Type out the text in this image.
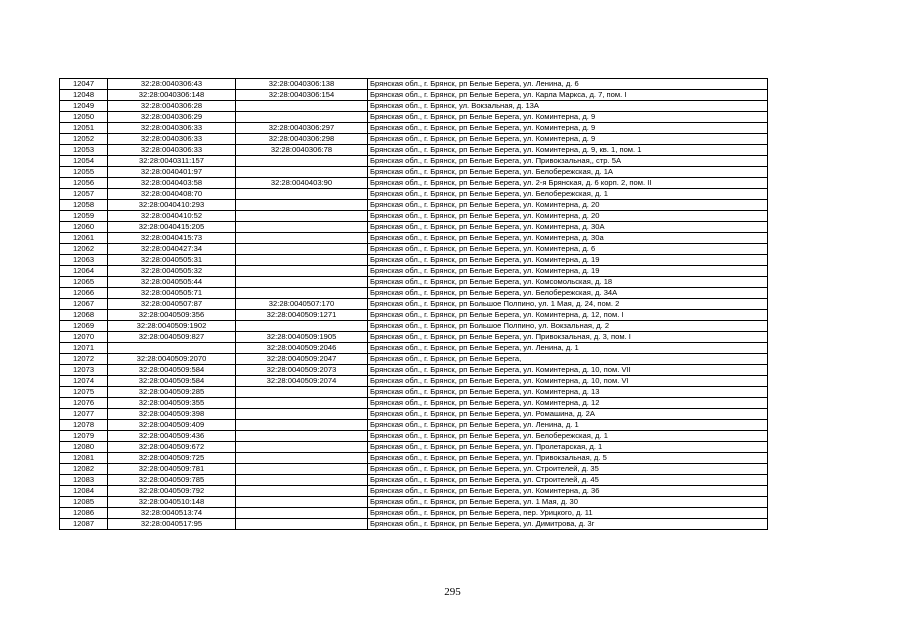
12047	32:28:0040306:43	32:28:0040306:138	Брянская обл., г. Брянск, рп Белые Берега, ул. Ленина, д. 6
12048	32:28:0040306:148	32:28:0040306:154	Брянская обл., г. Брянск, рп Белые Берега, ул. Карла Маркса, д. 7, пом. I
12049	32:28:0040306:28		Брянская обл., г. Брянск, ул. Вокзальная, д. 13А
12050	32:28:0040306:29		Брянская обл., г. Брянск, рп Белые Берега, ул. Коминтерна, д. 9
12051	32:28:0040306:33	32:28:0040306:297	Брянская обл., г. Брянск, рп Белые Берега, ул. Коминтерна, д. 9
12052	32:28:0040306:33	32:28:0040306:298	Брянская обл., г. Брянск, рп Белые Берега, ул. Коминтерна, д. 9
12053	32:28:0040306:33	32:28:0040306:78	Брянская обл., г. Брянск, рп Белые Берега, ул. Коминтерна, д. 9, кв. 1, пом. 1
12054	32:28:0040311:157		Брянская обл., г. Брянск, рп Белые Берега, ул. Привокзальная,, стр. 5А
12055	32:28:0040401:97		Брянская обл., г. Брянск, рп Белые Берега, ул. Белобережская, д. 1А
12056	32:28:0040403:58	32:28:0040403:90	Брянская обл., г. Брянск, рп Белые Берега, ул. 2-я Брянская, д. 6 корп. 2, пом. II
12057	32:28:0040408:70		Брянская обл., г. Брянск, рп Белые Берега, ул. Белобережская, д. 1
12058	32:28:0040410:293		Брянская обл., г. Брянск, рп Белые Берега, ул. Коминтерна, д. 20
12059	32:28:0040410:52		Брянская обл., г. Брянск, рп Белые Берега, ул. Коминтерна, д. 20
12060	32:28:0040415:205		Брянская обл., г. Брянск, рп Белые Берега, ул. Коминтерна, д. 30А
12061	32:28:0040415:73		Брянская обл., г. Брянск, рп Белые Берега, ул. Коминтерна, д. 30а
12062	32:28:0040427:34		Брянская обл., г. Брянск, рп Белые Берега, ул. Коминтерна, д. 6
12063	32:28:0040505:31		Брянская обл., г. Брянск, рп Белые Берега, ул. Коминтерна, д. 19
12064	32:28:0040505:32		Брянская обл., г. Брянск, рп Белые Берега, ул. Коминтерна, д. 19
12065	32:28:0040505:44		Брянская обл., г. Брянск, рп Белые Берега, ул. Комсомольская, д. 18
12066	32:28:0040505:71		Брянская обл., г. Брянск, рп Белые Берега, ул. Белобережская, д. 34А
12067	32:28:0040507:87	32:28:0040507:170	Брянская обл., г. Брянск, рп Большое Полпино, ул. 1 Мая, д. 24, пом. 2
12068	32:28:0040509:356	32:28:0040509:1271	Брянская обл., г. Брянск, рп Белые Берега, ул. Коминтерна, д. 12, пом. I
12069	32:28:0040509:1902		Брянская обл., г. Брянск, рп Большое Полпино, ул. Вокзальная, д. 2
12070	32:28:0040509:827	32:28:0040509:1905	Брянская обл., г. Брянск, рп Белые Берега, ул. Привокзальная, д. 3, пом. I
12071		32:28:0040509:2046	Брянская обл., г. Брянск, рп Белые Берега, ул. Ленина, д. 1
12072	32:28:0040509:2070	32:28:0040509:2047	Брянская обл., г. Брянск, рп Белые Берега,
12073	32:28:0040509:584	32:28:0040509:2073	Брянская обл., г. Брянск, рп Белые Берега, ул. Коминтерна, д. 10, пом. VII
12074	32:28:0040509:584	32:28:0040509:2074	Брянская обл., г. Брянск, рп Белые Берега, ул. Коминтерна, д. 10, пом. VI
12075	32:28:0040509:285		Брянская обл., г. Брянск, рп Белые Берега, ул. Коминтерна, д. 13
12076	32:28:0040509:355		Брянская обл., г. Брянск, рп Белые Берега, ул. Коминтерна, д. 12
12077	32:28:0040509:398		Брянская обл., г. Брянск, рп Белые Берега, ул. Ромашина, д. 2А
12078	32:28:0040509:409		Брянская обл., г. Брянск, рп Белые Берега, ул. Ленина, д. 1
12079	32:28:0040509:436		Брянская обл., г. Брянск, рп Белые Берега, ул. Белобережская, д. 1
12080	32:28:0040509:672		Брянская обл., г. Брянск, рп Белые Берега, ул. Пролетарская, д. 1
12081	32:28:0040509:725		Брянская обл., г. Брянск, рп Белые Берега, ул. Привокзальная, д. 5
12082	32:28:0040509:781		Брянская обл., г. Брянск, рп Белые Берега, ул. Строителей, д. 35
12083	32:28:0040509:785		Брянская обл., г. Брянск, рп Белые Берега, ул. Строителей, д. 45
12084	32:28:0040509:792		Брянская обл., г. Брянск, рп Белые Берега, ул. Коминтерна, д. 36
12085	32:28:0040510:148		Брянская обл., г. Брянск, рп Белые Берега, ул. 1 Мая, д. 30
12086	32:28:0040513:74		Брянская обл., г. Брянск, рп Белые Берега, пер. Урицкого, д. 11
12087	32:28:0040517:95		Брянская обл., г. Брянск, рп Белые Берега, ул. Димитрова, д. 3г
295
